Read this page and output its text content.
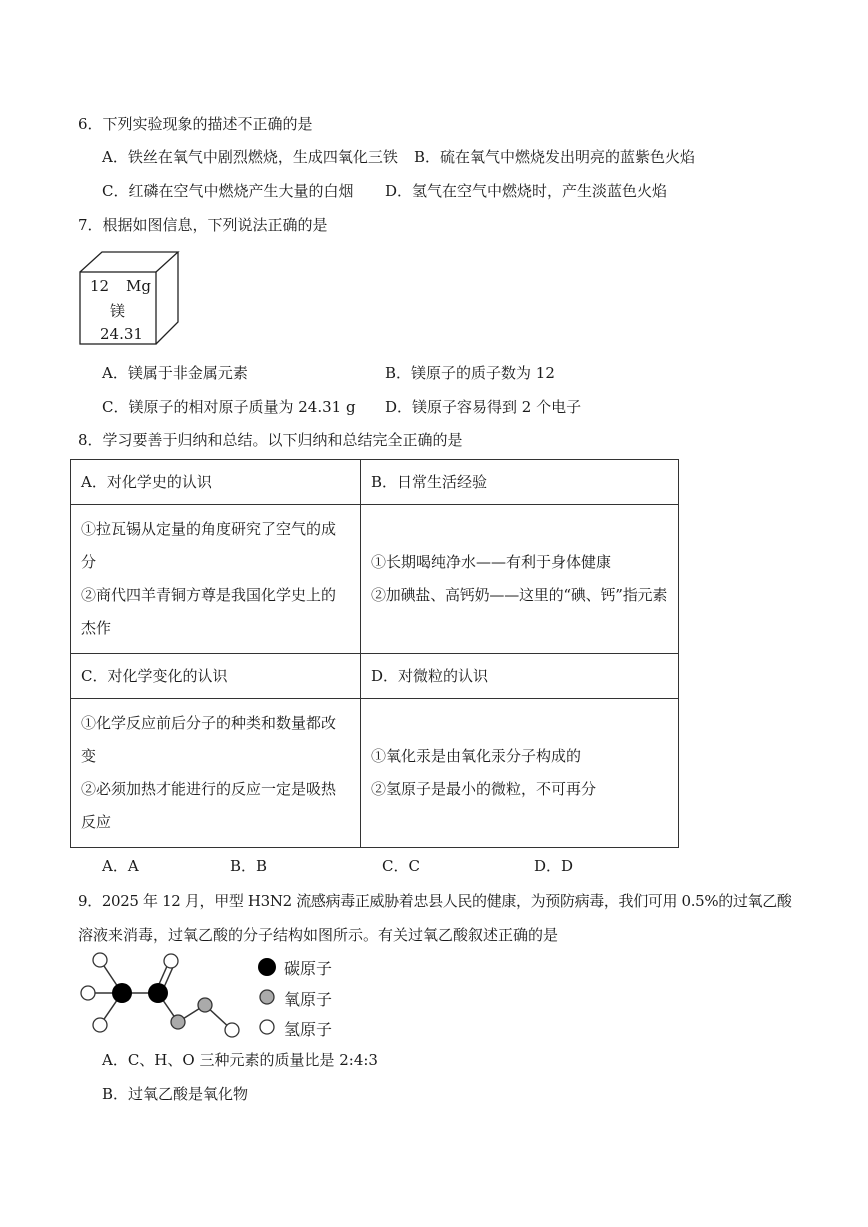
6．下列实验现象的描述不正确的是
A．铁丝在氧气中剧烈燃烧，生成四氧化三铁 B．硫在氧气中燃烧发出明亮的蓝紫色火焰
C．红磷在空气中燃烧产生大量的白烟 D．氢气在空气中燃烧时，产生淡蓝色火焰
7．根据如图信息，下列说法正确的是
12 Mg
镁
24.31
A．镁属于非金属元素	B．镁原子的质子数为 12
C．镁原子的相对原子质量为 24.31 g D．镁原子容易得到 2 个电子
8．学习要善于归纳和总结。以下归纳和总结完全正确的是
A．对化学史的认识	B．日常生活经验

①拉瓦锡从定量的角度研究了空气的成
分
②商代四羊青铜方尊是我国化学史上的
杰作	①长期喝纯净水——有利于身体健康
②加碘盐、高钙奶——这里的“碘、钙”指元素

C．对化学变化的认识	D．对微粒的认识

①化学反应前后分子的种类和数量都改
变
②必须加热才能进行的反应一定是吸热
反应	①氧化汞是由氧化汞分子构成的
②氢原子是最小的微粒，不可再分
A．A	B．B	C．C	D．D
9．2025 年 12 月，甲型 H3N2 流感病毒正威胁着忠县人民的健康，为预防病毒，我们可用 0.5%的过氧乙酸
溶液来消毒，过氧乙酸的分子结构如图所示。有关过氧乙酸叙述正确的是
碳原子
氧原子
氢原子
A．C、H、O 三种元素的质量比是 2:4:3
B．过氧乙酸是氧化物
